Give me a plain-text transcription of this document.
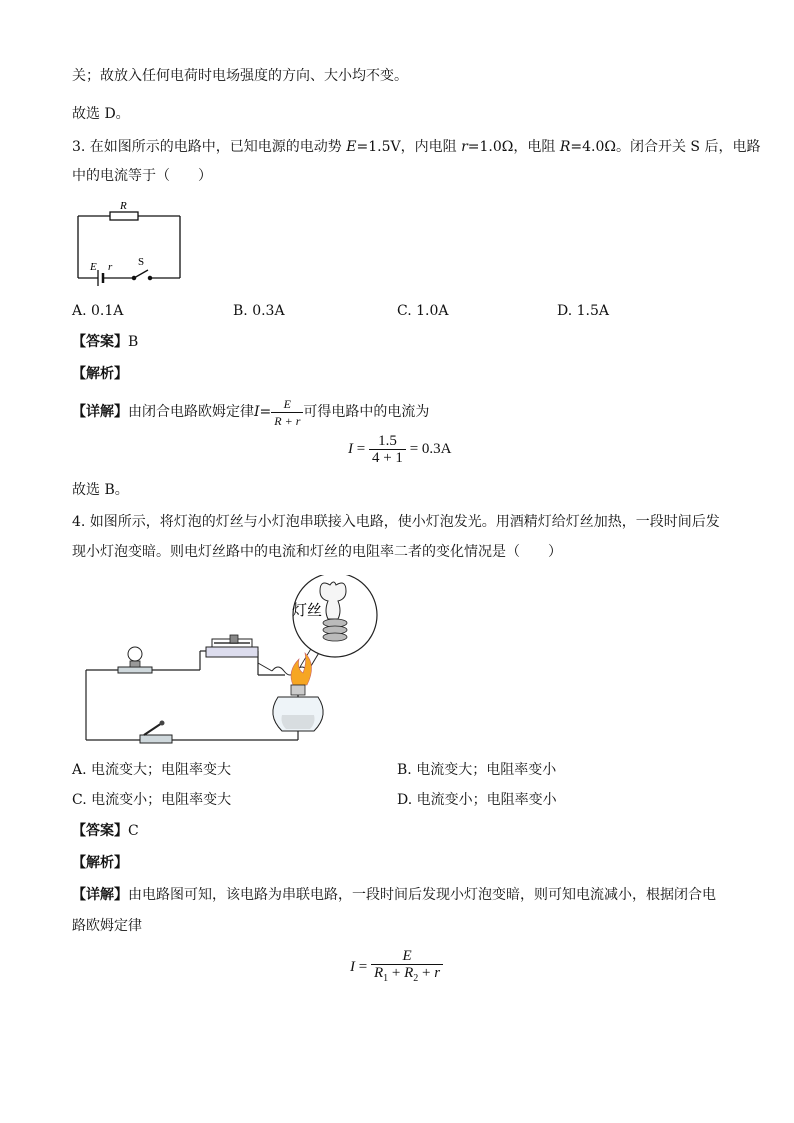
关；故放入任何电荷时电场强度的方向、大小均不变。
故选 D。
3. 在如图所示的电路中，已知电源的电动势 E=1.5V，内电阻 r=1.0Ω，电阻 R=4.0Ω。闭合开关 S 后，电路
中的电流等于（　　）
R
E r S
A. 0.1A	B. 0.3A	C. 1.0A	D. 1.5A
【答案】B
【解析】
【详解】由闭合电路欧姆定律$I= \frac{E}{R + r}$ 可得电路中的电流为
$I = \frac{1.5}{4 + 1} = 0.3A$
故选 B。
4. 如图所示，将灯泡的灯丝与小灯泡串联接入电路，使小灯泡发光。用酒精灯给灯丝加热，一段时间后发
现小灯泡变暗。则电灯丝路中的电流和灯丝的电阻率二者的变化情况是（　　）
灯丝
A. 电流变大；电阻率变大	B. 电流变大；电阻率变小
C. 电流变小；电阻率变大	D. 电流变小；电阻率变小
【答案】C
【解析】
【详解】由电路图可知，该电路为串联电路，一段时间后发现小灯泡变暗，则可知电流减小，根据闭合电
路欧姆定律
$I = \frac{E}{R_1 + R_2 + r}$
